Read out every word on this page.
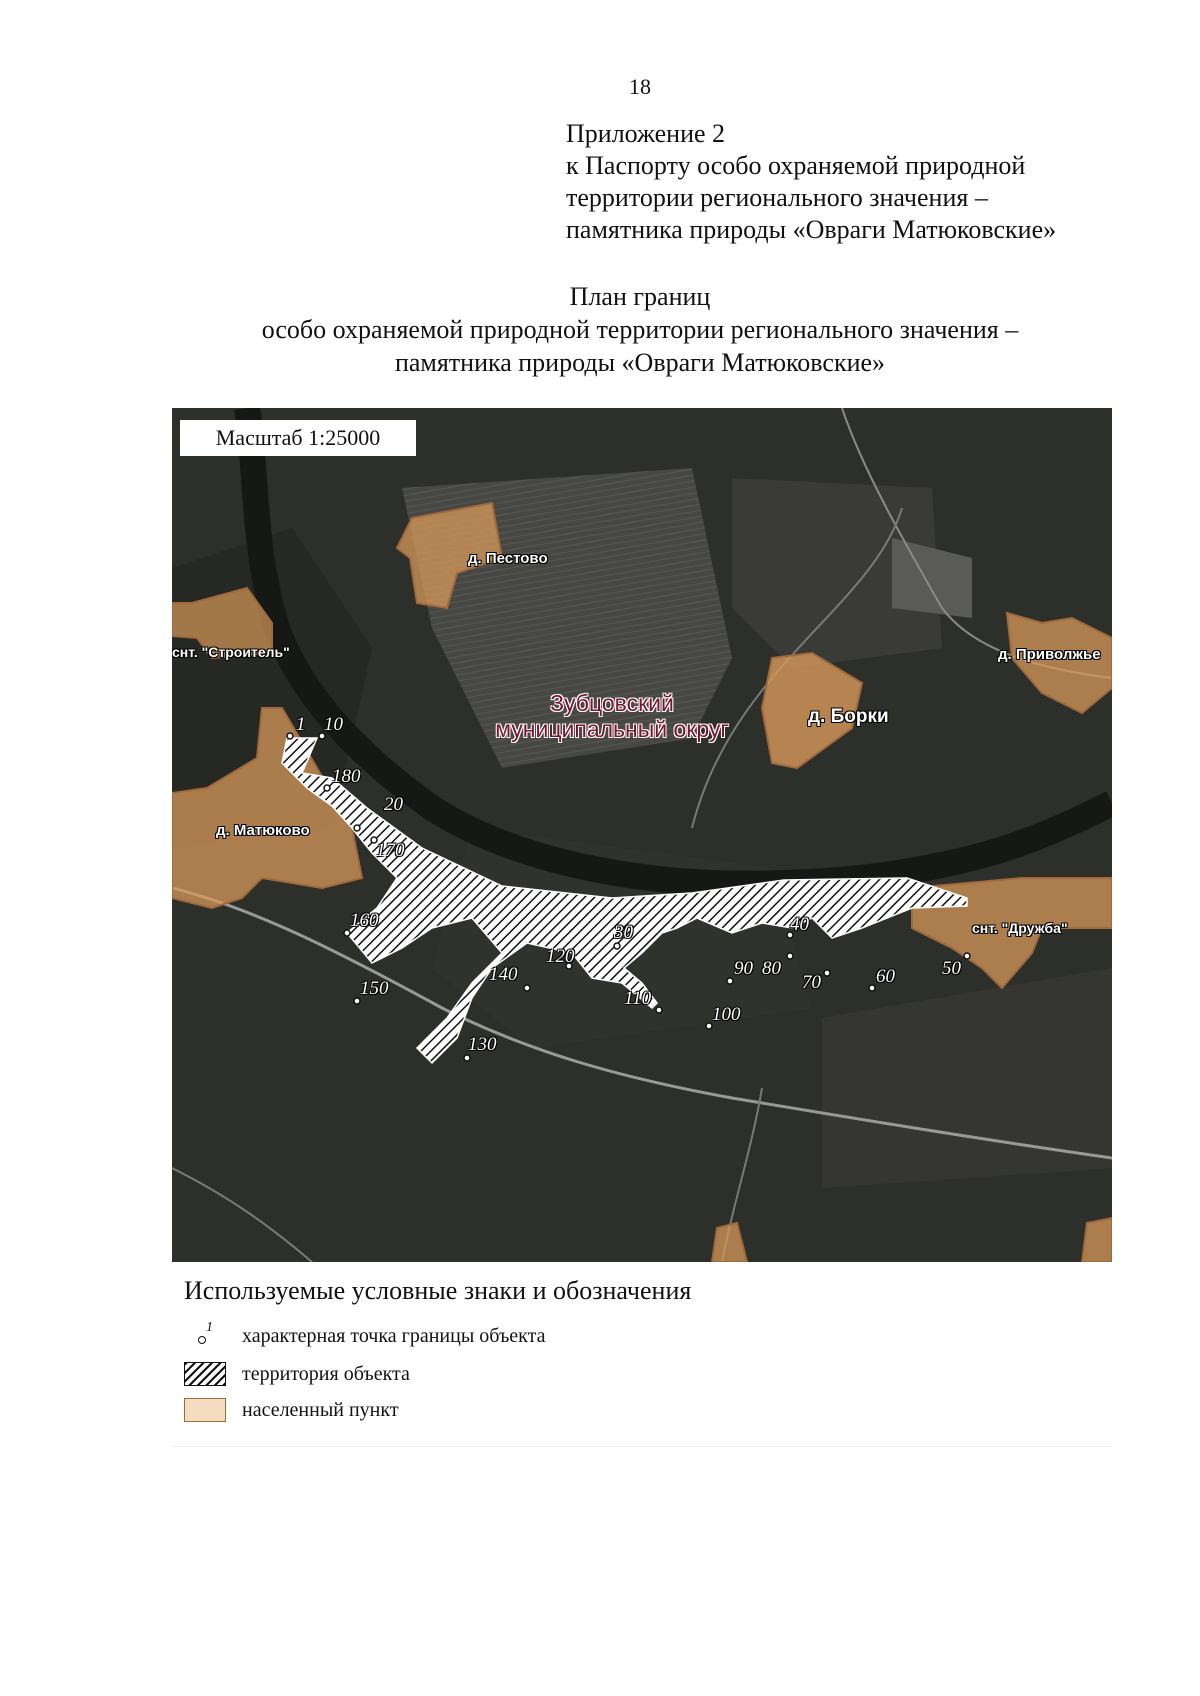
18
Приложение 2
к Паспорту особо охраняемой природной
территории регионального значения –
памятника природы «Овраги Матюковские»
План границ
особо охраняемой природной территории регионального значения –
памятника природы «Овраги Матюковские»
Масштаб 1:25000
д. Пестово
снт. "Строитель"	д. Приволжье
д. Борки
д. Матюково
снт. "Дружба"
Зубцовский
муниципальный округ
1 10
180
20
170
160
150
140
130
120
30
110
100
90 80
70	60 50
40
Используемые условные знаки и обозначения
1 характерная точка границы объекта
территория объекта
населенный пункт
